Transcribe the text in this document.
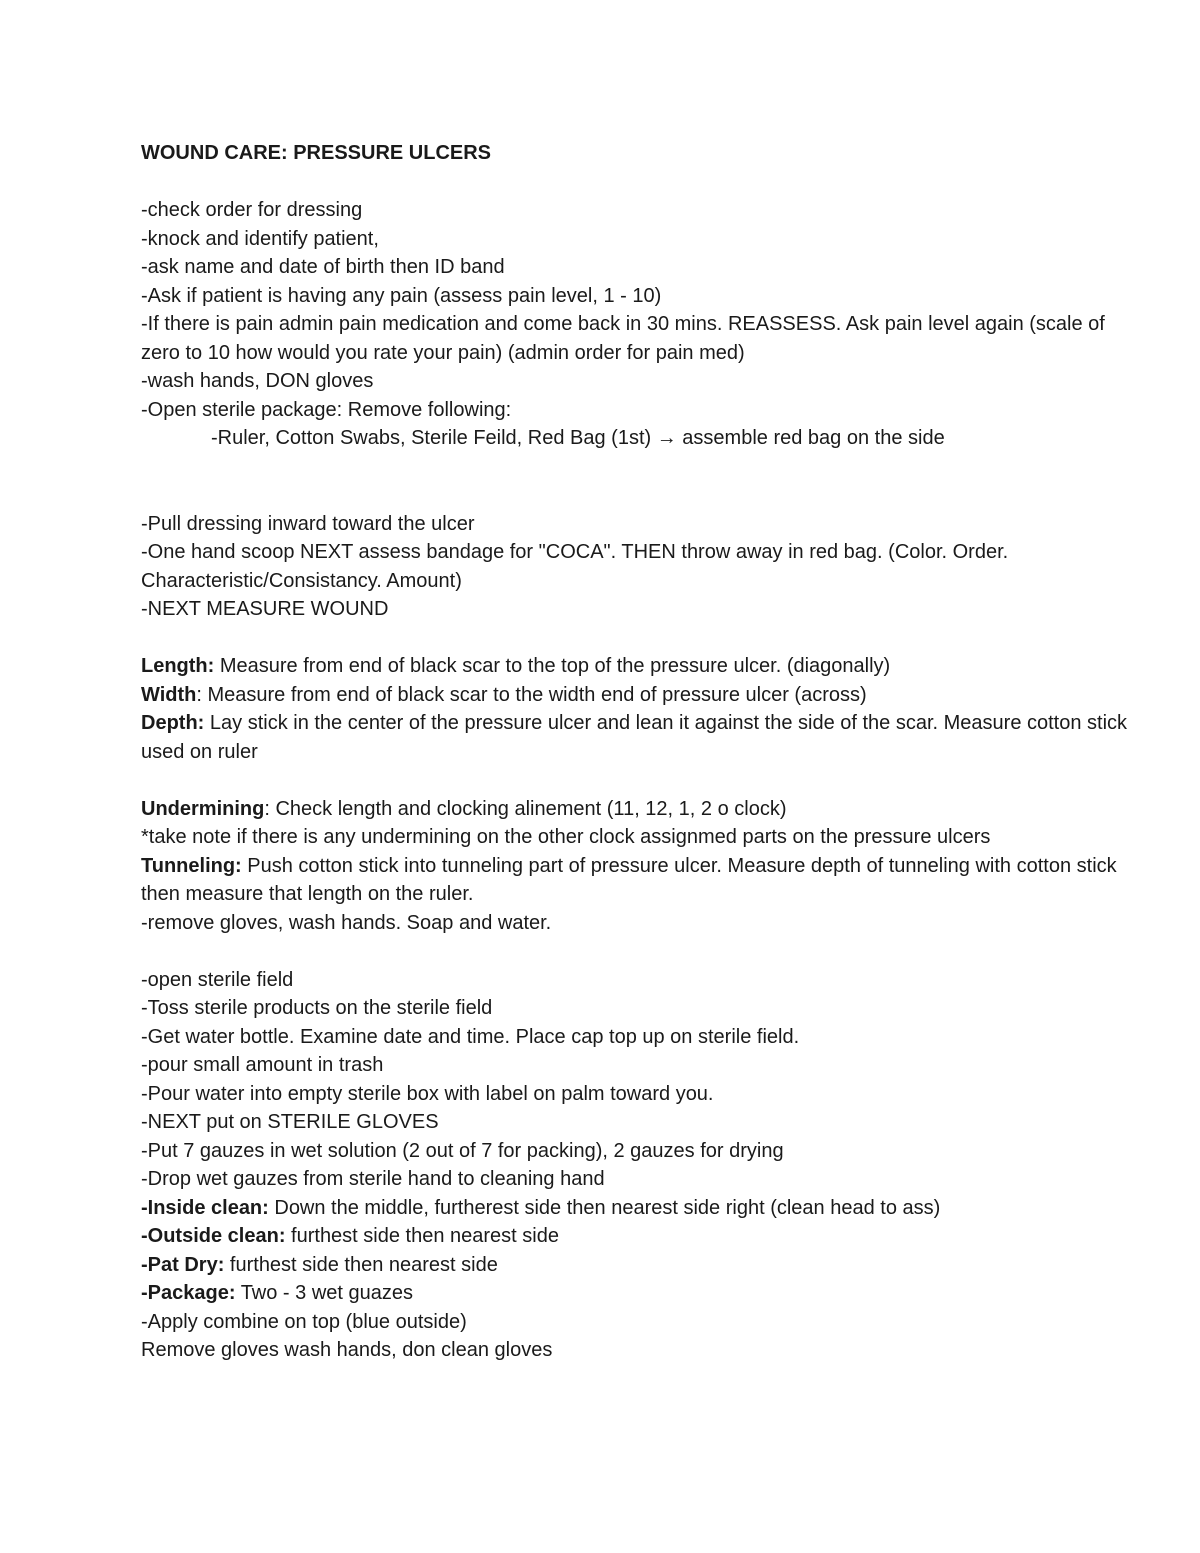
WOUND CARE: PRESSURE ULCERS

-check order for dressing

-knock and identify patient,

-ask name and date of birth then ID band

-Ask if patient is having any pain (assess pain level, 1 - 10)

-If there is pain admin pain medication and come back in 30 mins. REASSESS. Ask pain level again (scale of zero to 10 how would you rate your pain) (admin order for pain med)

-wash hands, DON gloves

-Open sterile package: Remove following:

-Ruler, Cotton Swabs, Sterile Feild, Red Bag (1st) → assemble red bag on the side

-Pull dressing inward toward the ulcer

-One hand scoop NEXT assess bandage for "COCA". THEN throw away in red bag. (Color. Order. Characteristic/Consistancy. Amount)

-NEXT MEASURE WOUND

Length: Measure from end of black scar to the top of the pressure ulcer. (diagonally)

Width: Measure from end of black scar to the width end of pressure ulcer (across)

Depth: Lay stick in the center of the pressure ulcer and lean it against the side of the scar. Measure cotton stick used on ruler

Undermining: Check length and clocking alinement (11, 12, 1, 2 o clock)

*take note if there is any undermining on the other clock assignmed parts on the pressure ulcers

Tunneling: Push cotton stick into tunneling part of pressure ulcer. Measure depth of tunneling with cotton stick then measure that length on the ruler.

-remove gloves, wash hands. Soap and water.

-open sterile field

-Toss sterile products on the sterile field

-Get water bottle. Examine date and time. Place cap top up on sterile field.

-pour small amount in trash

-Pour water into empty sterile box with label on palm toward you.

-NEXT put on STERILE GLOVES

-Put 7 gauzes in wet solution (2 out of 7 for packing), 2 gauzes for drying

-Drop wet gauzes from sterile hand to cleaning hand

-Inside clean: Down the middle, furtherest side then nearest side right (clean head to ass)

-Outside clean: furthest side then nearest side

-Pat Dry: furthest side then nearest side

-Package: Two - 3 wet guazes

-Apply combine on top (blue outside)

Remove gloves wash hands, don clean gloves
